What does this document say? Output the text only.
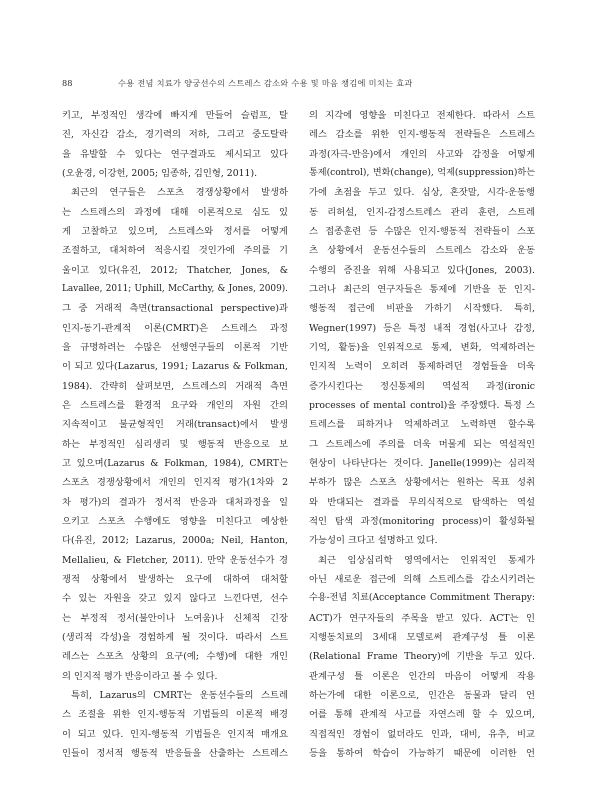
88	수용 전념 치료가 양궁선수의 스트레스 감소와 수용 및 마음 챙김에 미치는 효과
키고, 부정적인 생각에 빠지게 만들어 슬럼프, 탈
진, 자신감 감소, 경기력의 저하, 그리고 중도탈락
을 유발할 수 있다는 연구결과도 제시되고 있다
(오윤경, 이강헌, 2005; 임종하, 김인형, 2011).
최근의 연구들은 스포츠 경쟁상황에서 발생하
는 스트레스의 과정에 대해 이론적으로 심도 있
게 고찰하고 있으며, 스트레스와 정서를 어떻게
조절하고, 대처하여 적응시킬 것인가에 주의를 기
울이고 있다(유진, 2012; Thatcher, Jones, &
Lavallee, 2011; Uphill, McCarthy, & Jones, 2009).
그 중 거래적 측면(transactional perspective)과
인지-동기-관계적 이론(CMRT)은 스트레스 과정
을 규명하려는 수많은 선행연구들의 이론적 기반
이 되고 있다(Lazarus, 1991; Lazarus & Folkman,
1984). 간략히 살펴보면, 스트레스의 거래적 측면
은 스트레스를 환경적 요구와 개인의 자원 간의
지속적이고 불균형적인 거래(transact)에서 발생
하는 부정적인 심리생리 및 행동적 반응으로 보
고 있으며(Lazarus & Folkman, 1984), CMRT는
스포츠 경쟁상황에서 개인의 인지적 평가(1차와 2
차 평가)의 결과가 정서적 반응과 대처과정을 일
으키고 스포츠 수행에도 영향을 미친다고 예상한
다(유진, 2012; Lazarus, 2000a; Neil, Hanton,
Mellalieu, & Fletcher, 2011). 만약 운동선수가 경
쟁적 상황에서 발생하는 요구에 대하여 대처할
수 있는 자원을 갖고 있지 않다고 느낀다면, 선수
는 부정적 정서(불안이나 노여움)나 신체적 긴장
(생리적 각성)을 경험하게 될 것이다. 따라서 스트
레스는 스포츠 상황의 요구(예; 수행)에 대한 개인
의 인지적 평가 반응이라고 볼 수 있다.
특히, Lazarus의 CMRT는 운동선수들의 스트레
스 조절을 위한 인지-행동적 기법들의 이론적 배경
이 되고 있다. 인지-행동적 기법들은 인지적 매개요
인들이 정서적 행동적 반응들을 산출하는 스트레스
의 지각에 영향을 미친다고 전제한다. 따라서 스트
레스 감소를 위한 인지-행동적 전략들은 스트레스
과정(자극-반응)에서 개인의 사고와 감정을 어떻게
통제(control), 변화(change), 억제(suppression)하는
가에 초점을 두고 있다. 심상, 혼잣말, 시각-운동행
동 리허설, 인지-감정스트레스 관리 훈련, 스트레
스 접종훈련 등 수많은 인지-행동적 전략들이 스포
츠 상황에서 운동선수들의 스트레스 감소와 운동
수행의 증진을 위해 사용되고 있다(Jones, 2003).
그러나 최근의 연구자들은 통제에 기반을 둔 인지-
행동적 접근에 비판을 가하기 시작했다. 특히,
Wegner(1997) 등은 특정 내적 경험(사고나 감정,
기억, 활동)을 인위적으로 통제, 변화, 억제하려는
인지적 노력이 오히려 통제하려던 경험들을 더욱
증가시킨다는 정신통제의 역설적 과정(ironic
processes of mental control)을 주장했다. 특정 스
트레스를 피하거나 억제하려고 노력하면 할수록
그 스트레스에 주의를 더욱 머물게 되는 역설적인
현상이 나타난다는 것이다. Janelle(1999)는 심리적
부하가 많은 스포츠 상황에서는 원하는 목표 성취
와 반대되는 결과를 무의식적으로 탐색하는 역설
적인 탐색 과정(monitoring process)이 활성화될
가능성이 크다고 설명하고 있다.
최근 임상심리학 영역에서는 인위적인 통제가
아닌 새로운 접근에 의해 스트레스를 감소시키려는
수용-전념 치료(Acceptance Commitment Therapy:
ACT)가 연구자들의 주목을 받고 있다. ACT는 인
지행동치료의 3세대 모델로써 관계구성 틀 이론
(Relational Frame Theory)에 기반을 두고 있다.
관계구성 틀 이론은 인간의 마음이 어떻게 작용
하는가에 대한 이론으로, 인간은 동물과 달리 언
어를 통해 관계적 사고를 자연스레 할 수 있으며,
직접적인 경험이 없더라도 인과, 대비, 유추, 비교
등을 통하여 학습이 가능하기 때문에 이러한 언
